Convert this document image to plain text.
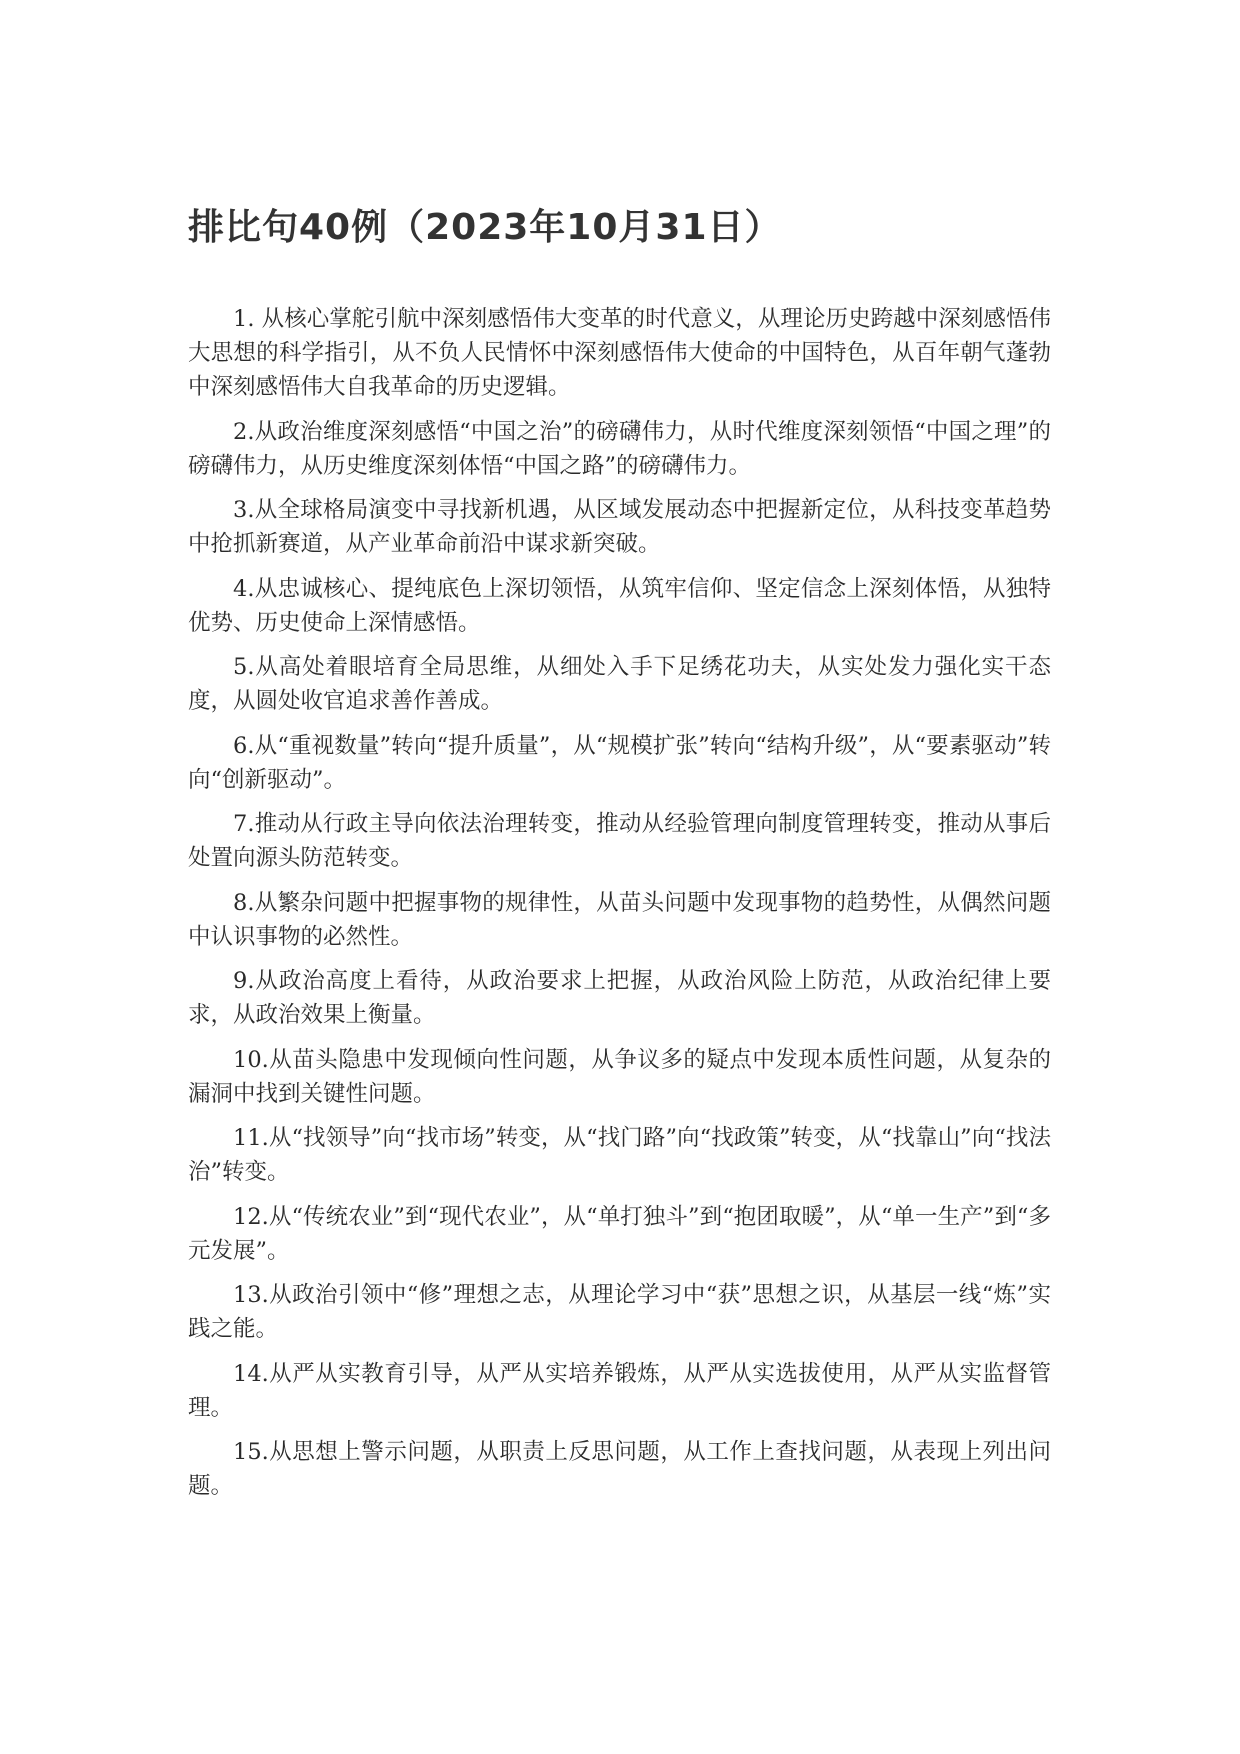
排比句40例（2023年10月31日）

1. 从核心掌舵引航中深刻感悟伟大变革的时代意义，从理论历史跨越中深刻感悟伟大思想的科学指引，从不负人民情怀中深刻感悟伟大使命的中国特色，从百年朝气蓬勃中深刻感悟伟大自我革命的历史逻辑。

2.从政治维度深刻感悟“中国之治”的磅礴伟力，从时代维度深刻领悟“中国之理”的磅礴伟力，从历史维度深刻体悟“中国之路”的磅礴伟力。

3.从全球格局演变中寻找新机遇，从区域发展动态中把握新定位，从科技变革趋势中抢抓新赛道，从产业革命前沿中谋求新突破。

4.从忠诚核心、提纯底色上深切领悟，从筑牢信仰、坚定信念上深刻体悟，从独特优势、历史使命上深情感悟。

5.从高处着眼培育全局思维，从细处入手下足绣花功夫，从实处发力强化实干态度，从圆处收官追求善作善成。

6.从“重视数量”转向“提升质量”，从“规模扩张”转向“结构升级”，从“要素驱动”转向“创新驱动”。

7.推动从行政主导向依法治理转变，推动从经验管理向制度管理转变，推动从事后处置向源头防范转变。

8.从繁杂问题中把握事物的规律性，从苗头问题中发现事物的趋势性，从偶然问题中认识事物的必然性。

9.从政治高度上看待，从政治要求上把握，从政治风险上防范，从政治纪律上要求，从政治效果上衡量。

10.从苗头隐患中发现倾向性问题，从争议多的疑点中发现本质性问题，从复杂的漏洞中找到关键性问题。

11.从“找领导”向“找市场”转变，从“找门路”向“找政策”转变，从“找靠山”向“找法治”转变。

12.从“传统农业”到“现代农业”，从“单打独斗”到“抱团取暖”，从“单一生产”到“多元发展”。

13.从政治引领中“修”理想之志，从理论学习中“获”思想之识，从基层一线“炼”实践之能。

14.从严从实教育引导，从严从实培养锻炼，从严从实选拔使用，从严从实监督管理。

15.从思想上警示问题，从职责上反思问题，从工作上查找问题，从表现上列出问题。
